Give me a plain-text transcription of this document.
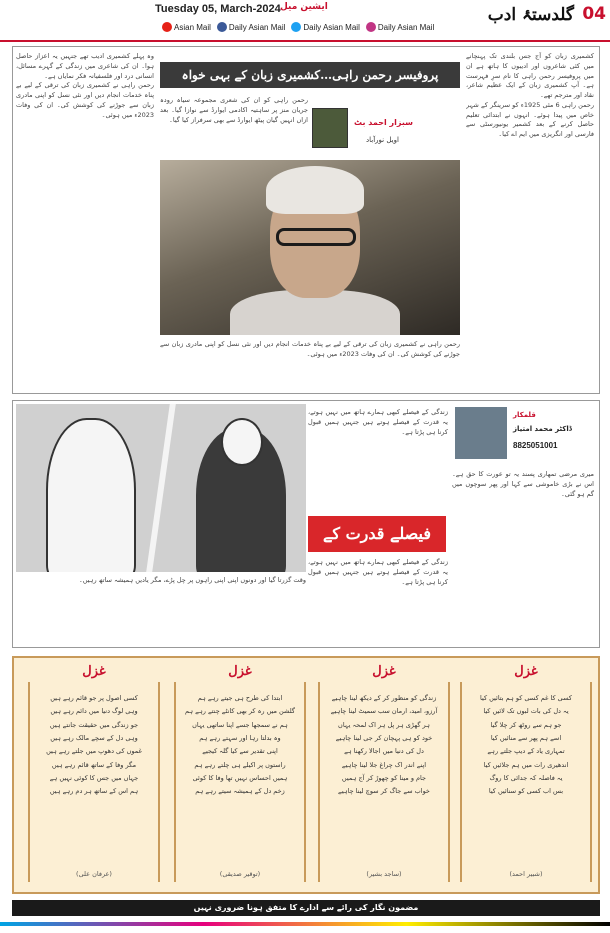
04
گلدستۂ ادب
Tuesday 05, March-2024 ایشین میل
Asian Mail Daily Asian Mail Daily Asian Mail Daily Asian Mail
پروفیسر رحمن راہی…کشمیری زبان کے بہی خواہ
سبزار احمد بٹ
اویل نورآباد

کشمیری زبان کو آج جس بلندی تک پہنچانے میں کئی شاعروں اور ادیبوں کا ہاتھ ہے ان میں پروفیسر رحمن راہی کا نام سرِ فہرست ہے۔ آپ کشمیری زبان کے ایک عظیم شاعر، نقاد اور مترجم تھے۔

رحمن راہی 6 مئی 1925ء کو سرینگر کے شہر خاص میں پیدا ہوئے۔ انہوں نے ابتدائی تعلیم حاصل کرنے کے بعد کشمیر یونیورسٹی سے فارسی اور انگریزی میں ایم اے کیا۔

رحمن راہی کو ان کی شعری مجموعہ سیاہ رودہ جریان منز پر ساہتیہ اکادمی ایوارڈ سے نوازا گیا۔ بعد ازاں انہیں گیان پیٹھ ایوارڈ سے بھی سرفراز کیا گیا۔

وہ پہلے کشمیری ادیب تھے جنہیں یہ اعزاز حاصل ہوا۔ ان کی شاعری میں زندگی کے گہرے مسائل، انسانی درد اور فلسفیانہ فکر نمایاں ہے۔

رحمن راہی نے کشمیری زبان کی ترقی کے لیے بے پناہ خدمات انجام دیں اور نئی نسل کو اپنی مادری زبان سے جوڑنے کی کوشش کی۔ ان کی وفات 2023ء میں ہوئی۔

رحمن راہی نے کشمیری زبان کی ترقی کے لیے بے پناہ خدمات انجام دیں اور نئی نسل کو اپنی مادری زبان سے جوڑنے کی کوشش کی۔ ان کی وفات 2023ء میں ہوئی۔

قلمکار
ڈاکٹر محمد امتیاز
8825051001
فیصلے قدرت کے

میری مرضی تمھاری پسند یہ تو عورت کا حق ہے۔ اس نے بڑی خاموشی سے کہا اور پھر سوچوں میں گم ہو گئی۔

زندگی کے فیصلے کبھی ہمارے ہاتھ میں نہیں ہوتے، یہ قدرت کے فیصلے ہوتے ہیں جنہیں ہمیں قبول کرنا ہی پڑتا ہے۔

زندگی کے فیصلے کبھی ہمارے ہاتھ میں نہیں ہوتے، یہ قدرت کے فیصلے ہوتے ہیں جنہیں ہمیں قبول کرنا ہی پڑتا ہے۔

وقت گزرتا گیا اور دونوں اپنی اپنی راہوں پر چل پڑے، مگر یادیں ہمیشہ ساتھ رہیں۔

غزل
کسی کا غم کسی کو ہم بتائیں کیا
یہ دل کی بات لبوں تک لائیں کیا
جو ہم سے روٹھ کر چلا گیا
اسے ہم پھر سے منائیں کیا
تمہاری یاد کے دیپ جلتے رہے
اندھیری رات میں ہم جلائیں کیا
یہ فاصلہ کہ جدائی کا روگ
بس اب کسی کو سنائیں کیا
(شبیر احمد)
غزل
زندگی کو منظور کر کے دیکھ لینا چاہیے
آرزو، امید، ارمان سب سمیٹ لینا چاہیے
ہر گھڑی ہر پل ہر اک لمحہ یہاں
خود کو ہی پہچان کر جی لینا چاہیے
دل کی دنیا میں اجالا رکھنا ہے
اپنے اندر اک چراغ جلا لینا چاہیے
جام و مینا کو چھوڑ کر آج ہمیں
خواب سے جاگ کر سوچ لینا چاہیے
(ساجد بشیر)
غزل
ابتدا کی طرح ہی جیتے رہے ہم
گلشن میں رہ کر بھی کانٹے چنتے رہے ہم
ہم نے سمجھا جسے اپنا ساتھی یہاں
وہ بدلتا رہا اور سہتے رہے ہم
اپنی تقدیر سے کیا گلہ کیجیے
راستوں پر اکیلے ہی چلتے رہے ہم
ہمیں احساس نہیں تھا وفا کا کوئی
زخم دل کے ہمیشہ سیتے رہے ہم
(توقیر صدیقی)
غزل
کسی اصول پر جو قائم رہے ہیں
وہی لوگ دنیا میں دائم رہے ہیں
جو زندگی میں حقیقت جانتے ہیں
وہی دل کے سچے مالک رہے ہیں
غموں کی دھوپ میں جلتے رہے ہیں
مگر وفا کے ساتھ قائم رہے ہیں
جہاں میں جس کا کوئی نہیں ہے
ہم اس کے ساتھ ہر دم رہے ہیں
(عرفان علی)
مضمون نگار کی رائے سے ادارے کا متفق ہونا ضروری نہیں
